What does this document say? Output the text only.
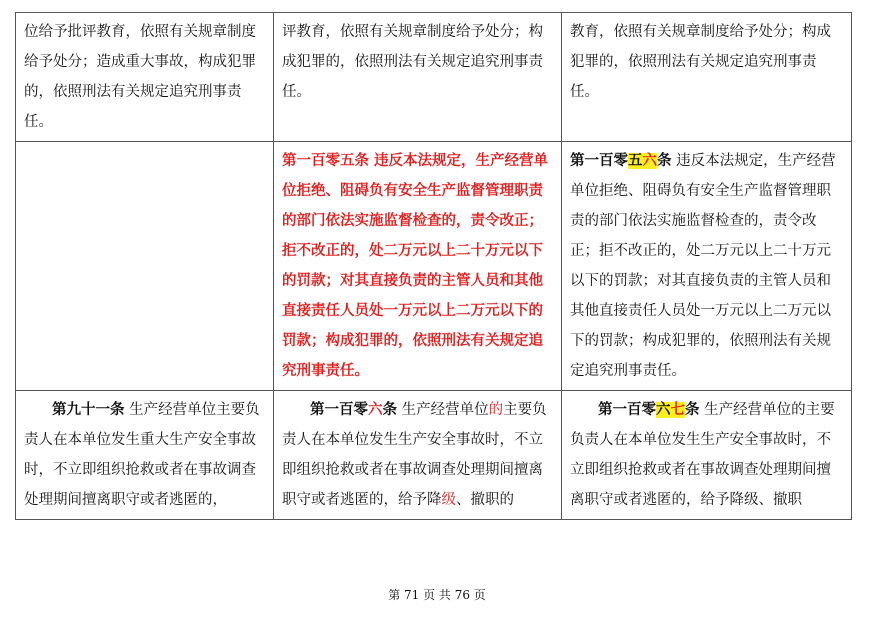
位给予批评教育，依照有关规章制度给予处分；造成重大事故，构成犯罪的，依照刑法有关规定追究刑事责任。	评教育，依照有关规章制度给予处分；构成犯罪的，依照刑法有关规定追究刑事责任。	教育，依照有关规章制度给予处分；构成犯罪的，依照刑法有关规定追究刑事责任。
	第一百零五条 违反本法规定，生产经营单位拒绝、阻碍负有安全生产监督管理职责的部门依法实施监督检查的，责令改正；拒不改正的，处二万元以上二十万元以下的罚款；对其直接负责的主管人员和其他直接责任人员处一万元以上二万元以下的罚款；构成犯罪的，依照刑法有关规定追究刑事责任。	第一百零五六条 违反本法规定，生产经营单位拒绝、阻碍负有安全生产监督管理职责的部门依法实施监督检查的，责令改正；拒不改正的，处二万元以上二十万元以下的罚款；对其直接负责的主管人员和其他直接责任人员处一万元以上二万元以下的罚款；构成犯罪的，依照刑法有关规定追究刑事责任。
第九十一条 生产经营单位主要负责人在本单位发生重大生产安全事故时，不立即组织抢救或者在事故调查处理期间擅离职守或者逃匿的，	第一百零六条 生产经营单位的主要负责人在本单位发生生产安全事故时，不立即组织抢救或者在事故调查处理期间擅离职守或者逃匿的，给予降级、撤职的	第一百零六七条 生产经营单位的主要负责人在本单位发生生产安全事故时，不立即组织抢救或者在事故调查处理期间擅离职守或者逃匿的，给予降级、撤职
第 71 页 共 76 页
